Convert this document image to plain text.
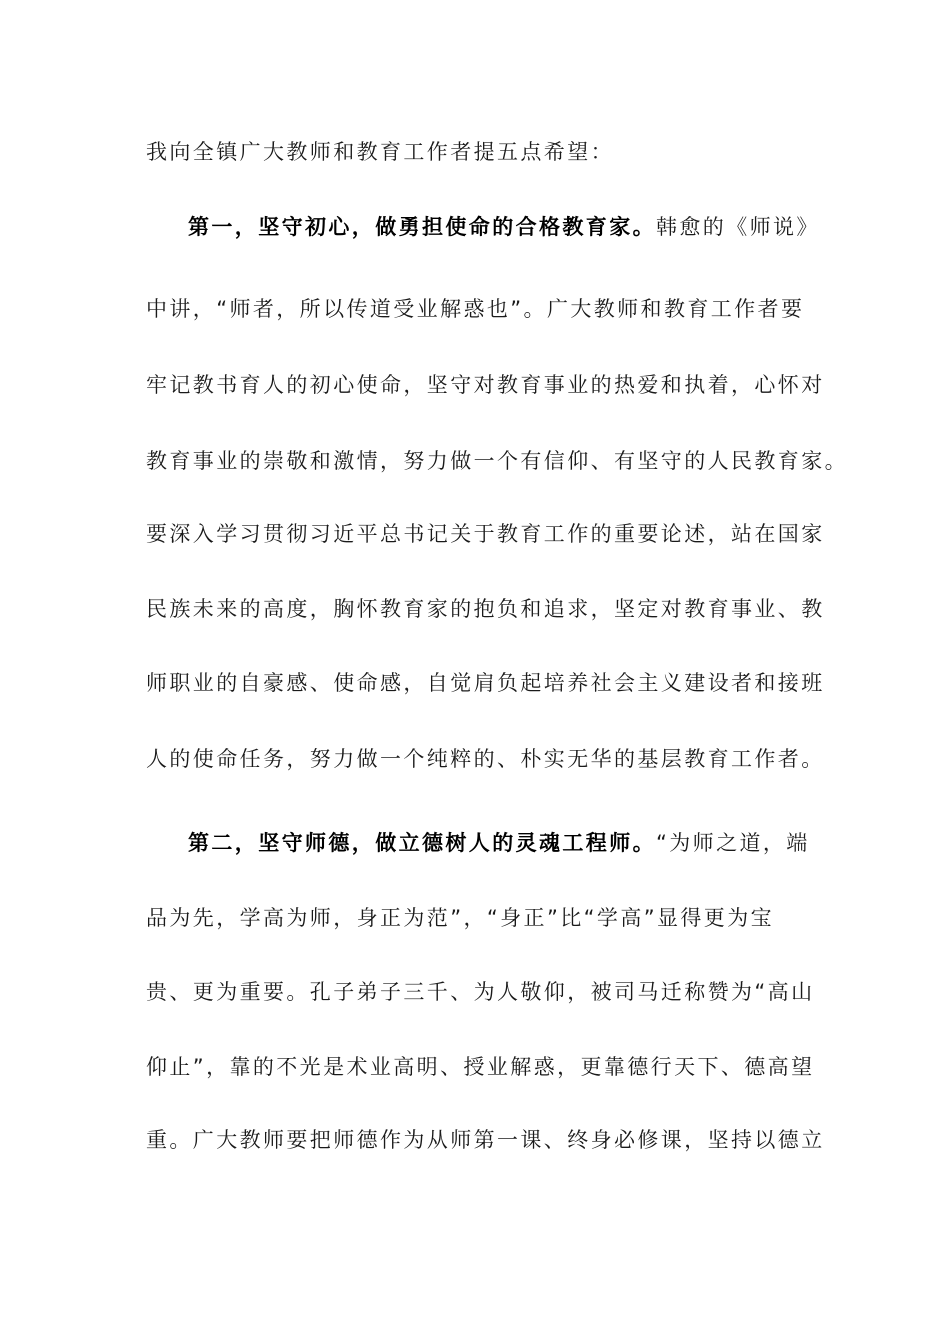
我向全镇广大教师和教育工作者提五点希望：
第一，坚守初心，做勇担使命的合格教育家。韩愈的《师说》
中讲，“师者，所以传道受业解惑也”。广大教师和教育工作者要
牢记教书育人的初心使命，坚守对教育事业的热爱和执着，心怀对
教育事业的崇敬和激情，努力做一个有信仰、有坚守的人民教育家。
要深入学习贯彻习近平总书记关于教育工作的重要论述，站在国家
民族未来的高度，胸怀教育家的抱负和追求，坚定对教育事业、教
师职业的自豪感、使命感，自觉肩负起培养社会主义建设者和接班
人的使命任务，努力做一个纯粹的、朴实无华的基层教育工作者。
第二，坚守师德，做立德树人的灵魂工程师。“为师之道，端
品为先，学高为师，身正为范”，“身正”比“学高”显得更为宝
贵、更为重要。孔子弟子三千、为人敬仰，被司马迁称赞为“高山
仰止”，靠的不光是术业高明、授业解惑，更靠德行天下、德高望
重。广大教师要把师德作为从师第一课、终身必修课，坚持以德立
